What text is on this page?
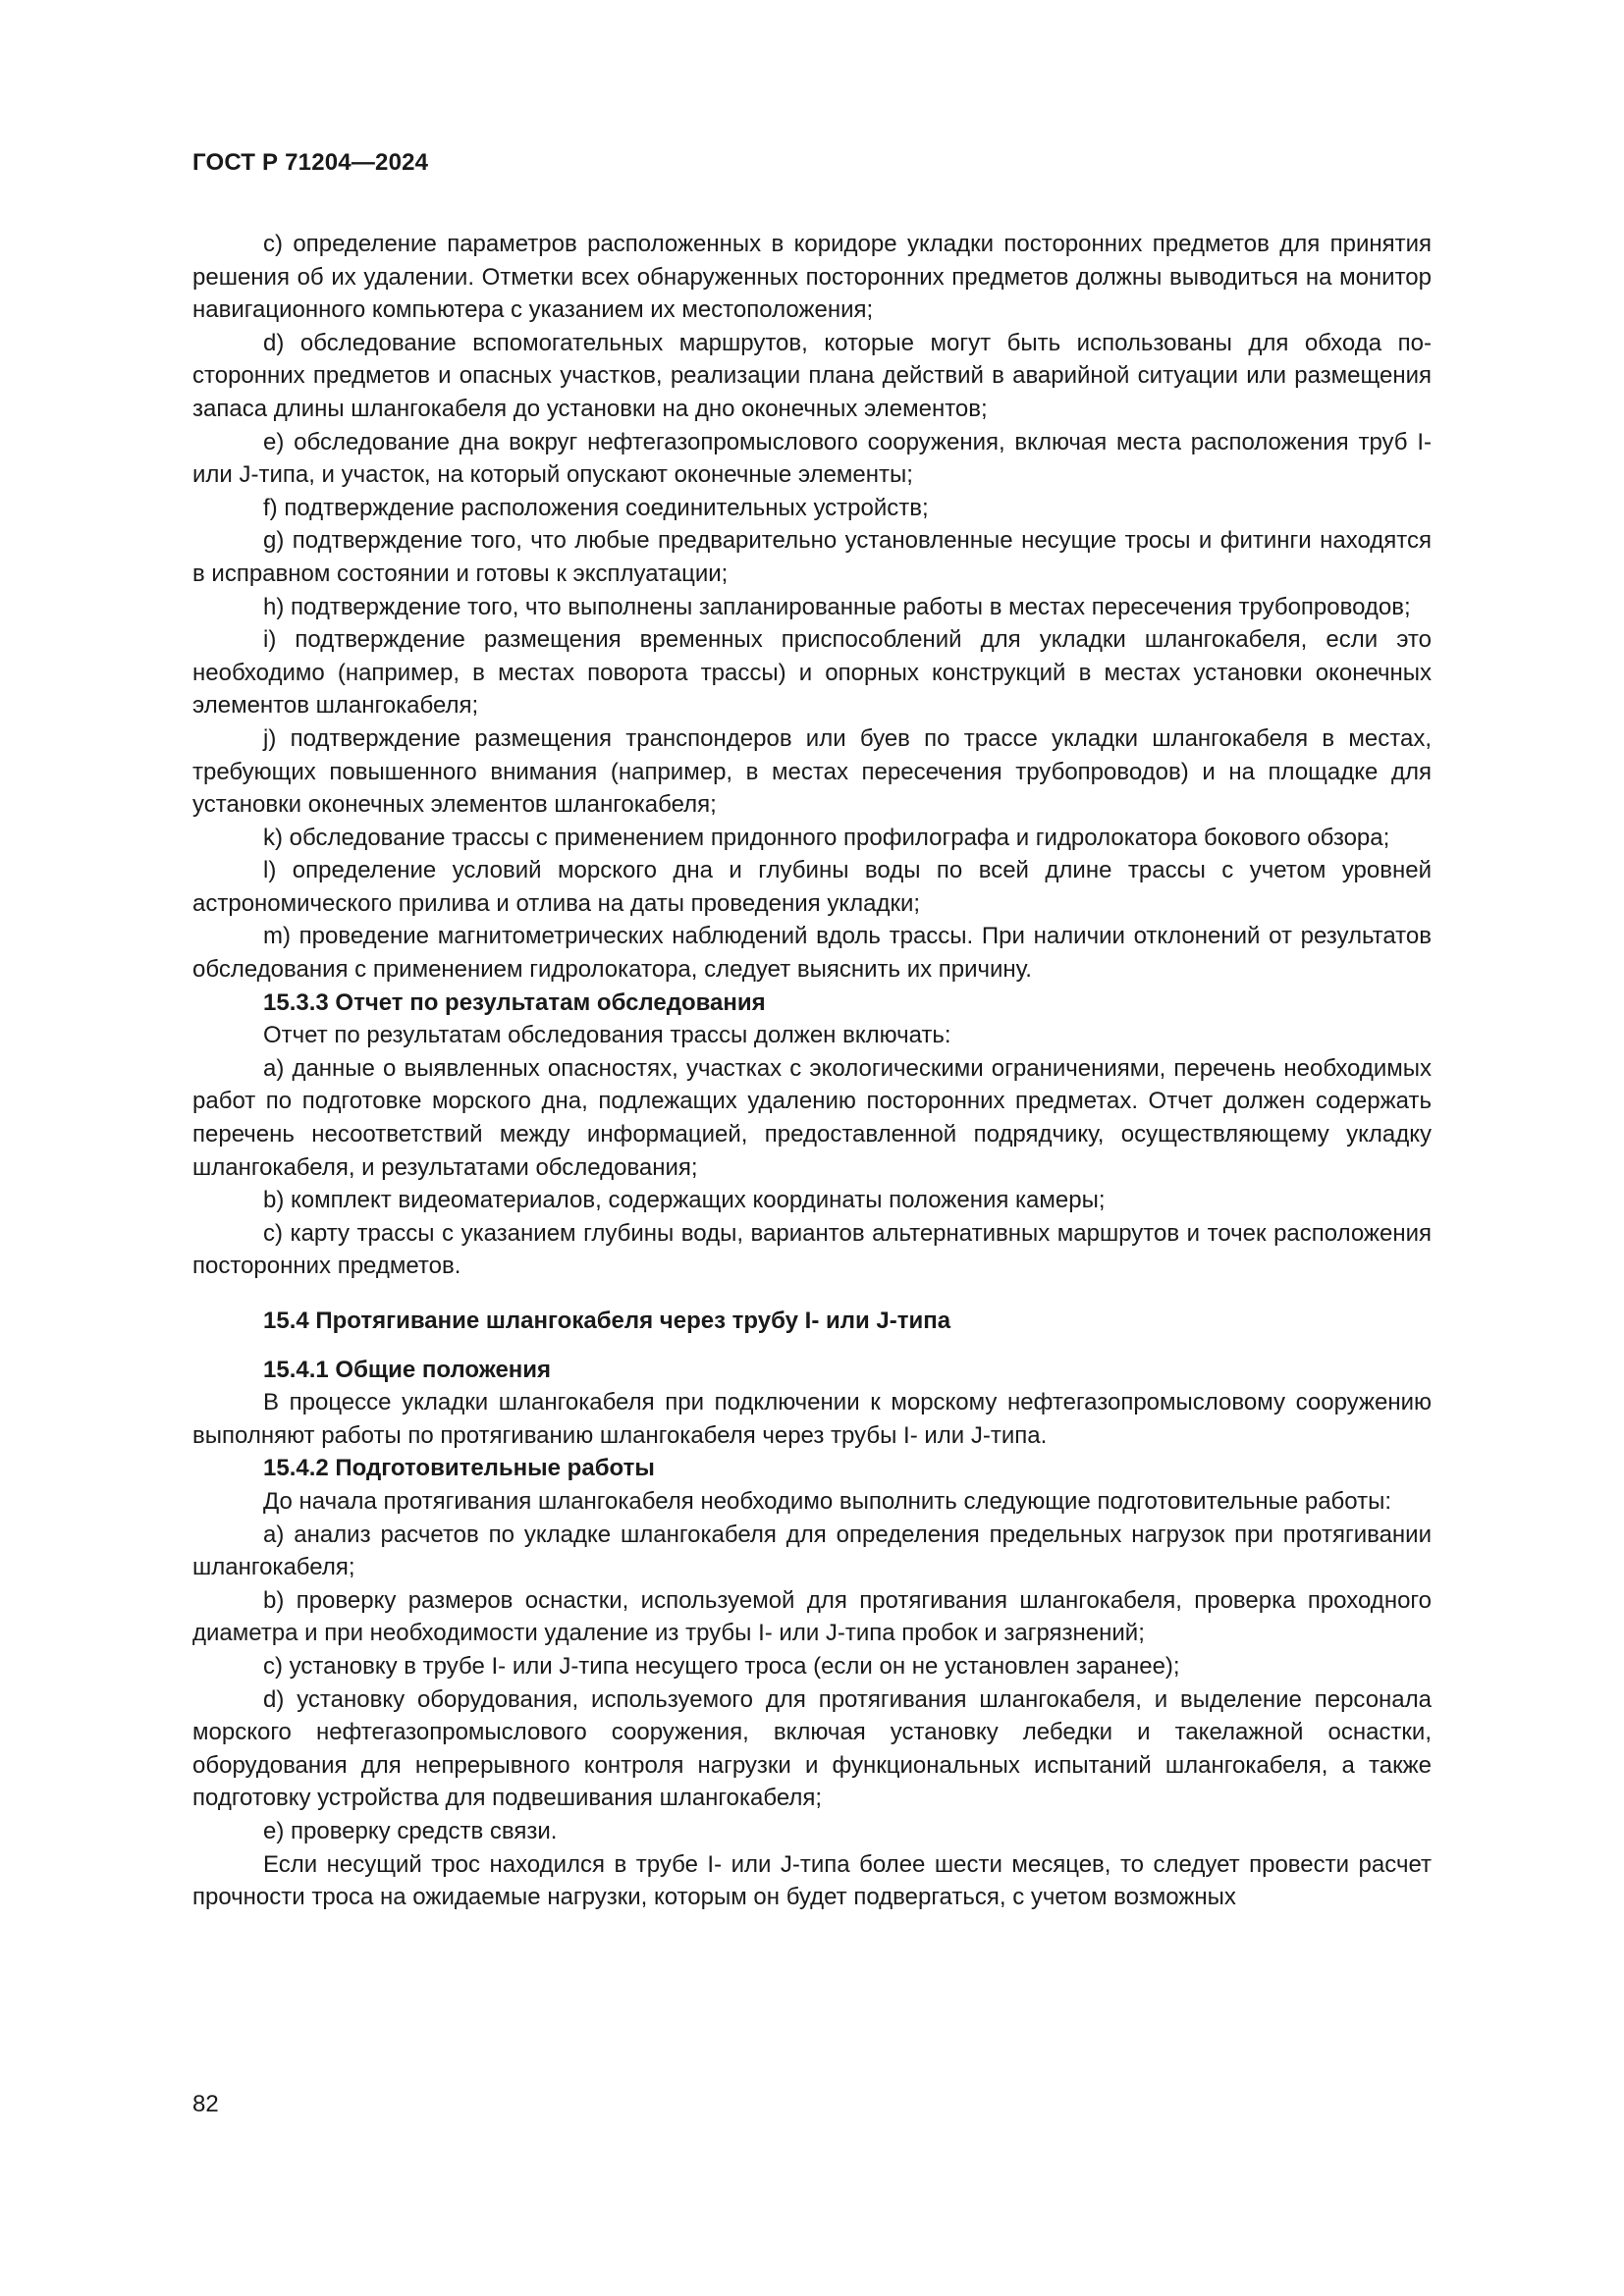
ГОСТ Р 71204—2024

с) определение параметров расположенных в коридоре укладки посторонних предметов для принятия решения об их удалении. Отметки всех обнаруженных посторонних предметов должны выводиться на монитор навигационного компьютера с указанием их местоположения;

d) обследование вспомогательных маршрутов, которые могут быть использованы для обхода посторонних предметов и опасных участков, реализации плана действий в аварийной ситуации или размещения запаса длины шлангокабеля до установки на дно оконечных элементов;

е) обследование дна вокруг нефтегазопромыслового сооружения, включая места расположения труб I- или J-типа, и участок, на который опускают оконечные элементы;

f) подтверждение расположения соединительных устройств;

g) подтверждение того, что любые предварительно установленные несущие тросы и фитинги находятся в исправном состоянии и готовы к эксплуатации;

h) подтверждение того, что выполнены запланированные работы в местах пересечения трубопроводов;

i) подтверждение размещения временных приспособлений для укладки шлангокабеля, если это необходимо (например, в местах поворота трассы) и опорных конструкций в местах установки оконечных элементов шлангокабеля;

j) подтверждение размещения транспондеров или буев по трассе укладки шлангокабеля в местах, требующих повышенного внимания (например, в местах пересечения трубопроводов) и на площадке для установки оконечных элементов шлангокабеля;

k) обследование трассы с применением придонного профилографа и гидролокатора бокового обзора;

l) определение условий морского дна и глубины воды по всей длине трассы с учетом уровней астрономического прилива и отлива на даты проведения укладки;

m) проведение магнитометрических наблюдений вдоль трассы. При наличии отклонений от результатов обследования с применением гидролокатора, следует выяснить их причину.

15.3.3 Отчет по результатам обследования

Отчет по результатам обследования трассы должен включать:

а) данные о выявленных опасностях, участках с экологическими ограничениями, перечень необходимых работ по подготовке морского дна, подлежащих удалению посторонних предметах. Отчет должен содержать перечень несоответствий между информацией, предоставленной подрядчику, осуществляющему укладку шлангокабеля, и результатами обследования;

b) комплект видеоматериалов, содержащих координаты положения камеры;

с) карту трассы с указанием глубины воды, вариантов альтернативных маршрутов и точек расположения посторонних предметов.

15.4 Протягивание шлангокабеля через трубу I- или J-типа

15.4.1 Общие положения

В процессе укладки шлангокабеля при подключении к морскому нефтегазопромысловому сооружению выполняют работы по протягиванию шлангокабеля через трубы I- или J-типа.

15.4.2 Подготовительные работы

До начала протягивания шлангокабеля необходимо выполнить следующие подготовительные работы:

а) анализ расчетов по укладке шлангокабеля для определения предельных нагрузок при протягивании шлангокабеля;

b) проверку размеров оснастки, используемой для протягивания шлангокабеля, проверка проходного диаметра и при необходимости удаление из трубы I- или J-типа пробок и загрязнений;

с) установку в трубе I- или J-типа несущего троса (если он не установлен заранее);

d) установку оборудования, используемого для протягивания шлангокабеля, и выделение персонала морского нефтегазопромыслового сооружения, включая установку лебедки и такелажной оснастки, оборудования для непрерывного контроля нагрузки и функциональных испытаний шлангокабеля, а также подготовку устройства для подвешивания шлангокабеля;

е) проверку средств связи.

Если несущий трос находился в трубе I- или J-типа более шести месяцев, то следует провести расчет прочности троса на ожидаемые нагрузки, которым он будет подвергаться, с учетом возможных

82
